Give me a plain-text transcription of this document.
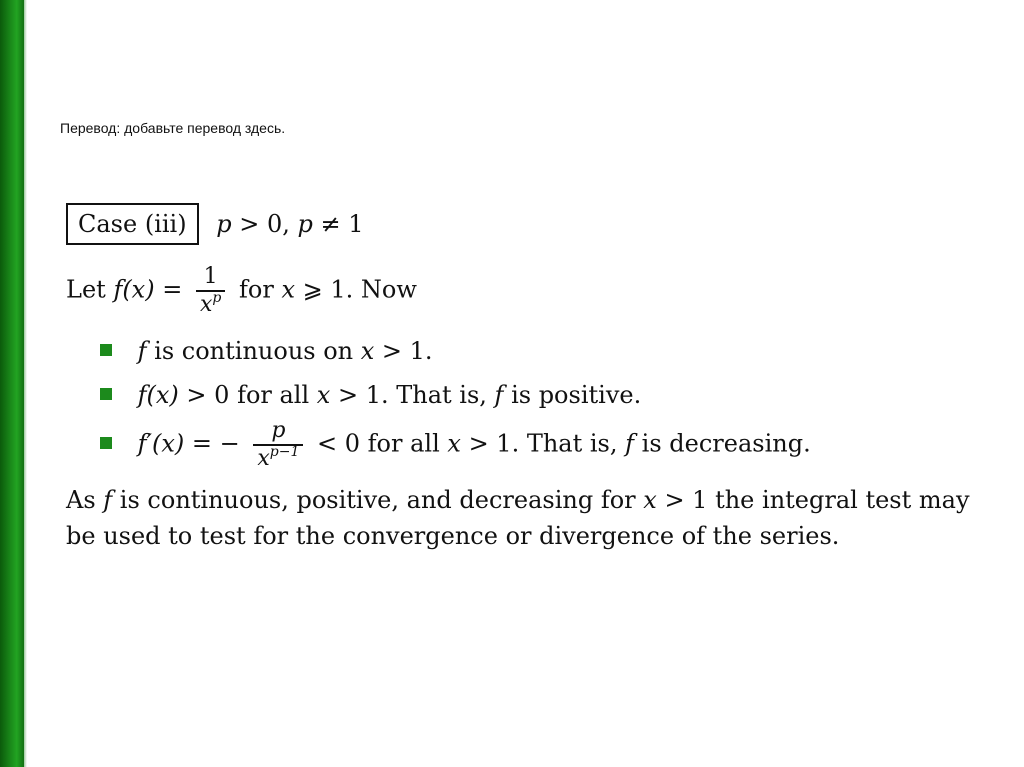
Перевод: добавьте перевод здесь.
Case (iii) p > 0, p ≠ 1
Let $f(x) = \frac{1}{x^p}$ for x ⩾ 1. Now
f is continuous on x > 1.
f(x) > 0 for all x > 1. That is, f is positive.
f′(x) = − $\frac{p}{x^{p-1}} < 0$ for all x > 1. That is, f is decreasing.
As f is continuous, positive, and decreasing for x > 1 the integral test may be used to test for the convergence or divergence of the series.
